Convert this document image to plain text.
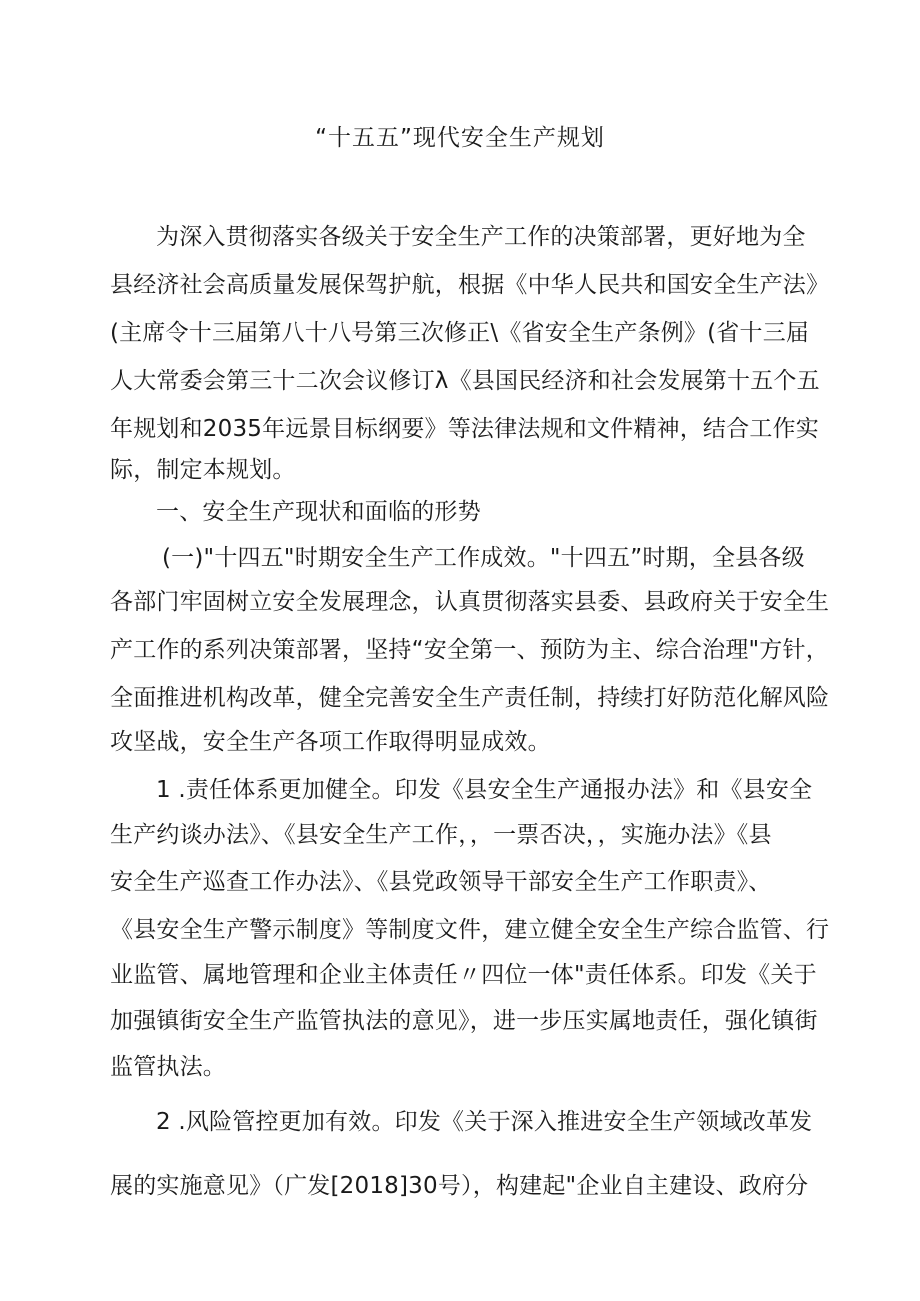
“十五五”现代安全生产规划
为深入贯彻落实各级关于安全生产工作的决策部署，更好地为全
县经济社会高质量发展保驾护航，根据《中华人民共和国安全生产法》
(主席令十三届第八十八号第三次修正\《省安全生产条例》(省十三届
人大常委会第三十二次会议修订λ《县国民经济和社会发展第十五个五
年规划和2035年远景目标纲要》等法律法规和文件精神，结合工作实
际，制定本规划。
一、安全生产现状和面临的形势
(一)"十四五"时期安全生产工作成效。"十四五”时期，全县各级
各部门牢固树立安全发展理念，认真贯彻落实县委、县政府关于安全生
产工作的系列决策部署，坚持“安全第一、预防为主、综合治理"方针，
全面推进机构改革，健全完善安全生产责任制，持续打好防范化解风险
攻坚战，安全生产各项工作取得明显成效。
1 .责任体系更加健全。印发《县安全生产通报办法》和《县安全
生产约谈办法》、《县安全生产工作，，一票否决，，实施办法》《县
安全生产巡查工作办法》、《县党政领导干部安全生产工作职责》、
《县安全生产警示制度》等制度文件，建立健全安全生产综合监管、行
业监管、属地管理和企业主体责任〃四位一体"责任体系。印发《关于
加强镇街安全生产监管执法的意见》，进一步压实属地责任，强化镇街
监管执法。
2 .风险管控更加有效。印发《关于深入推进安全生产领域改革发
展的实施意见》（广发[2018]30号），构建起"企业自主建设、政府分
